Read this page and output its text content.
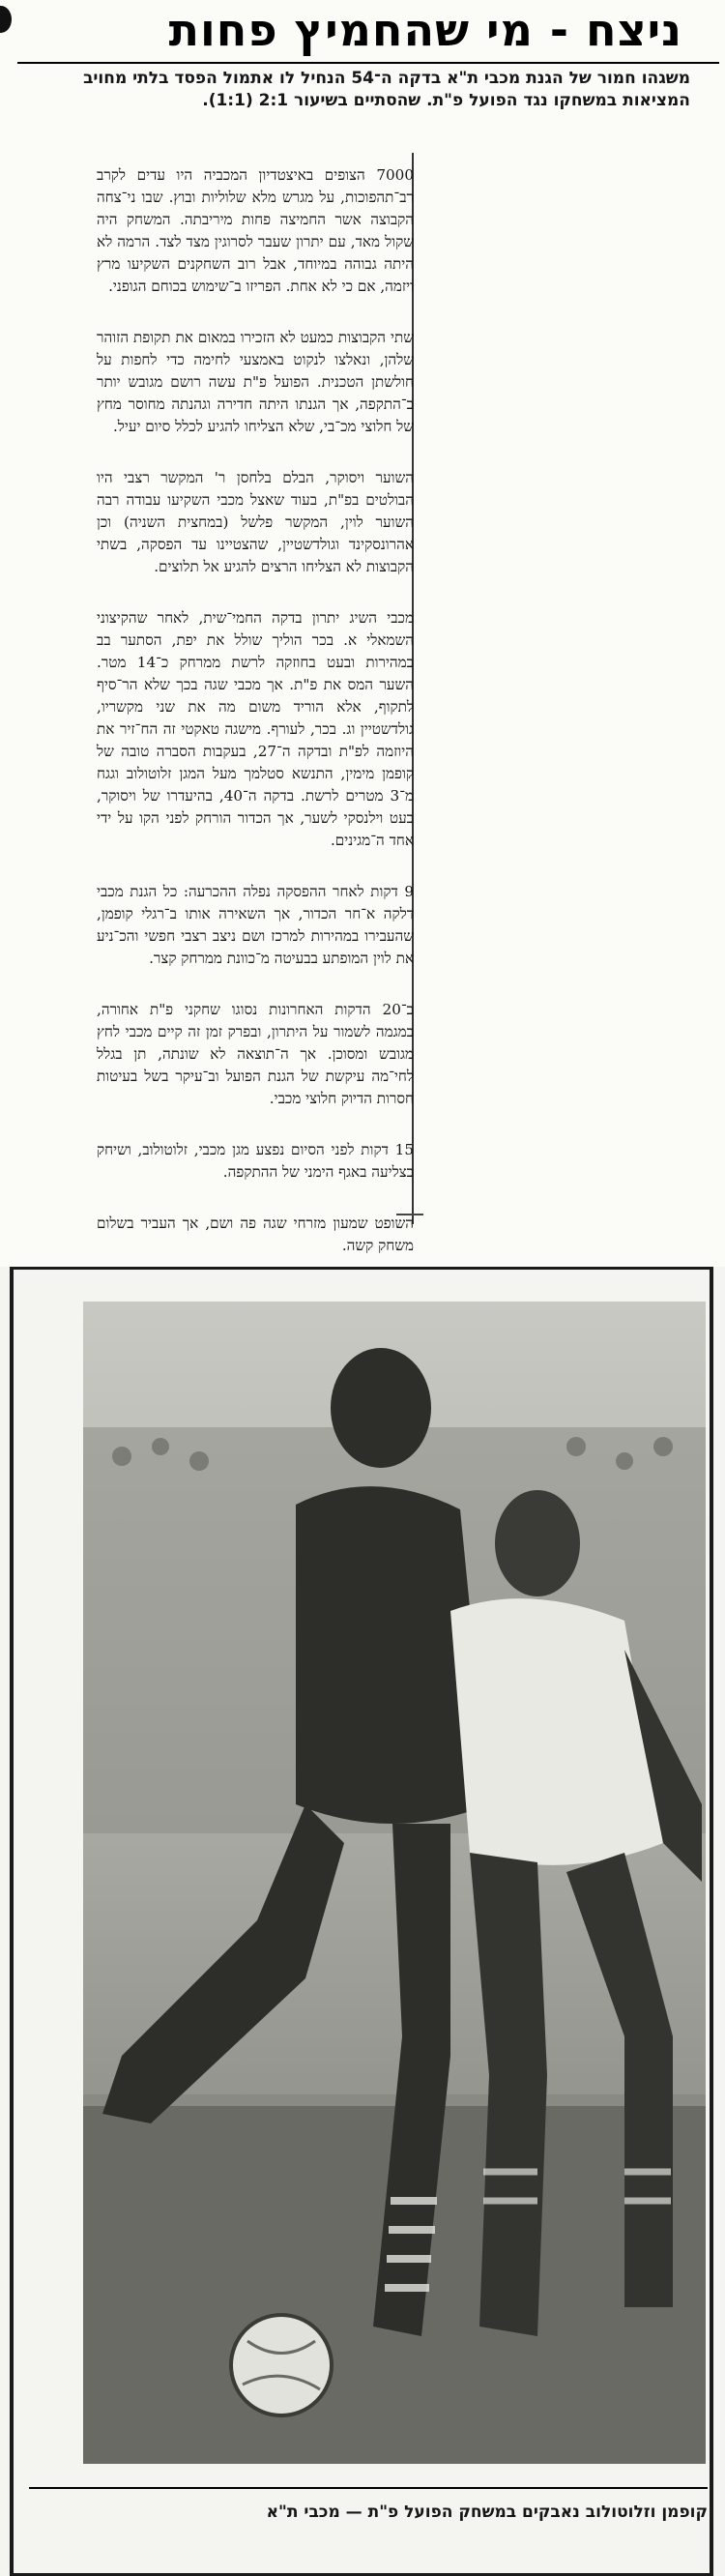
ניצח - מי שהחמיץ פחות
משגהו חמור של הגנת מכבי ת"א בדקה ה־54 הנחיל לו אתמול הפסד בלתי מחויב המציאות במשחקו נגד הפועל פ"ת. שהסתיים בשיעור 2:1 (1:1).

7000 הצופים באיצטדיון המכביה היו עדים לקרב רב־תהפוכות, על מגרש מלא שלוליות ובוץ. שבו ני־צחה הקבוצה אשר החמיצה פחות מיריבתה. המשחק היה שקול מאד, עם יתרון שעבר לסרוגין מצד לצד. הרמה לא היתה גבוהה במיוחד, אבל רוב השחקנים השקיעו מרץ ויזמה, אם כי לא אחת. הפריזו ב־שימוש בכוחם הגופני.

שתי הקבוצות כמעט לא הזכירו במאום את תקופת הזוהר שלהן, ונאלצו לנקוט באמצעי לחימה כדי לחפות על חולשתן הטכנית. הפועל פ"ת עשה רושם מגובש יותר ב־התקפה, אך הגנתו היתה חדירה וגהנתה מחוסר מחץ של חלוצי מכ־בי, שלא הצליחו להגיע לכלל סיום יעיל.

השוער ויסוקר, הבלם בלחסן ר' המקשר רצבי היו הבולטים בפ"ת, בעוד שאצל מכבי השקיעו עבודה רבה השוער לוין, המקשר פלשל (במחצית השניה) וכן אהרונסקינד וגולדשטיין, שהצטיינו עד הפסקה, בשתי הקבוצות לא הצליחו הרצים להגיע אל תלוצים.

מכבי השיג יתרון בדקה החמי־שית, לאחר שהקיצוני השמאלי א. בכר הוליך שולל את יפת, הסתער בב במהירות ובעט בחוזקה לרשת ממרחק כ־14 מטר. השער המס את פ"ת. אך מכבי שגה בכך שלא הר־סיף לתקוף, אלא הוריד משום מה את שני מקשריו, גולדשטיין וג. בכר, לעורף. מישגה טאקטי זה הח־זיר את היוזמה לפ"ת ובדקה ה־27, בעקבות הסברה טובה של קופמן מימין, התנשא סטלמך מעל המגן זלוטולוב וגגח מ־3 מטרים לרשת. בדקה ה־40, בהיעדרו של ויסוקר, בעט וילנסקי לשער, אך הכדור הורחק לפני הקו על ידי אחד ה־מגינים.

9 דקות לאחר ההפסקה נפלה ההכרעה: כל הגנת מכבי דלקה א־חר הכדור, אך השאירה אותו ב־רגלי קופמן, שהעבירו במהירות למרכז ושם ניצב רצבי חפשי והכ־ניע את לוין המופתע בבעיטה מ־כוונת ממרחק קצר.

ב־20 הדקות האחרונות נסוגו שחקני פ"ת אחורה, במגמה לשמור על היתרון, ובפרק זמן זה קיים מכבי לחץ מגובש ומסוכן. אך ה־תוצאה לא שונתה, תן בגלל לחי־מה עיקשת של הגנת הפועל וב־עיקר בשל בעיטות חסרות הדיוק חלוצי מכבי.

15 דקות לפני הסיום נפצע מגן מכבי, זלוטולוב, ושיחק בצליעה באגף הימני של ההתקפה.

השופט שמעון מזרחי שגה פה ושם, אך העביר בשלום משחק קשה.

קופמן וזלוטולוב נאבקים במשחק הפועל פ"ת — מכבי ת"א
